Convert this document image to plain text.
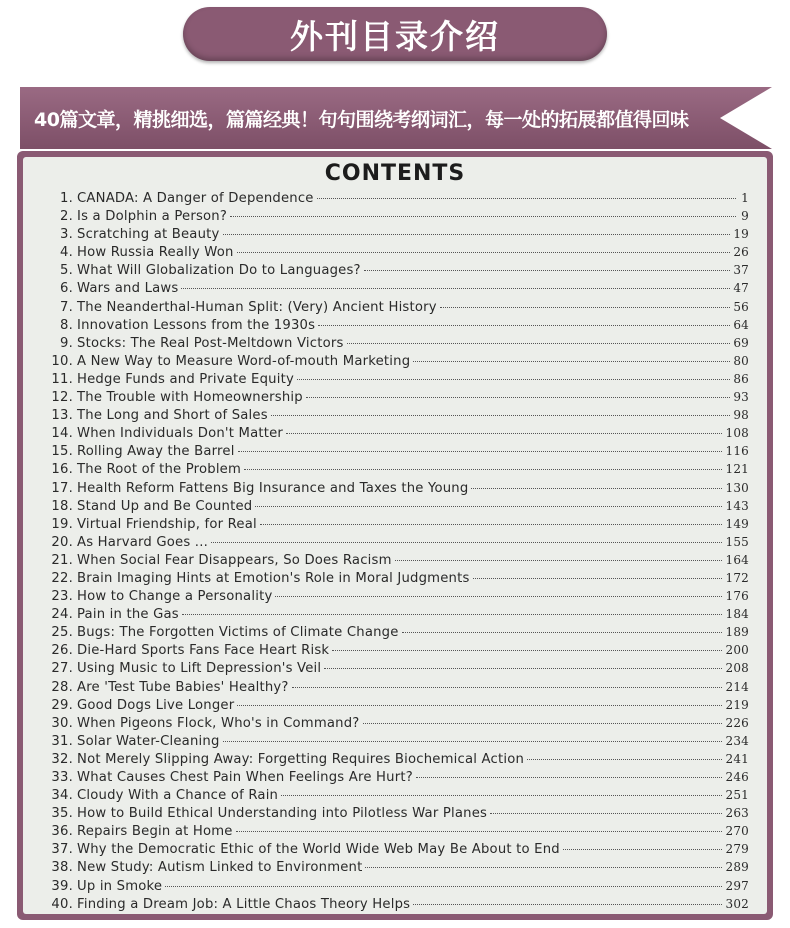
外刊目录介绍
40篇文章，精挑细选，篇篇经典！句句围绕考纲词汇，每一处的拓展都值得回味
CONTENTS
1. CANADA: A Danger of Dependence	1
2. Is a Dolphin a Person?	9
3. Scratching at Beauty	19
4. How Russia Really Won	26
5. What Will Globalization Do to Languages?	37
6. Wars and Laws	47
7. The Neanderthal-Human Split: (Very) Ancient History	56
8. Innovation Lessons from the 1930s	64
9. Stocks: The Real Post-Meltdown Victors	69
10. A New Way to Measure Word-of-mouth Marketing	80
11. Hedge Funds and Private Equity	86
12. The Trouble with Homeownership	93
13. The Long and Short of Sales	98
14. When Individuals Don't Matter	108
15. Rolling Away the Barrel	116
16. The Root of the Problem	121
17. Health Reform Fattens Big Insurance and Taxes the Young	130
18. Stand Up and Be Counted	143
19. Virtual Friendship, for Real	149
20. As Harvard Goes ...	155
21. When Social Fear Disappears, So Does Racism	164
22. Brain Imaging Hints at Emotion's Role in Moral Judgments	172
23. How to Change a Personality	176
24. Pain in the Gas	184
25. Bugs: The Forgotten Victims of Climate Change	189
26. Die-Hard Sports Fans Face Heart Risk	200
27. Using Music to Lift Depression's Veil	208
28. Are 'Test Tube Babies' Healthy?	214
29. Good Dogs Live Longer	219
30. When Pigeons Flock, Who's in Command?	226
31. Solar Water-Cleaning	234
32. Not Merely Slipping Away: Forgetting Requires Biochemical Action	241
33. What Causes Chest Pain When Feelings Are Hurt?	246
34. Cloudy With a Chance of Rain	251
35. How to Build Ethical Understanding into Pilotless War Planes	263
36. Repairs Begin at Home	270
37. Why the Democratic Ethic of the World Wide Web May Be About to End	279
38. New Study: Autism Linked to Environment	289
39. Up in Smoke	297
40. Finding a Dream Job: A Little Chaos Theory Helps	302
